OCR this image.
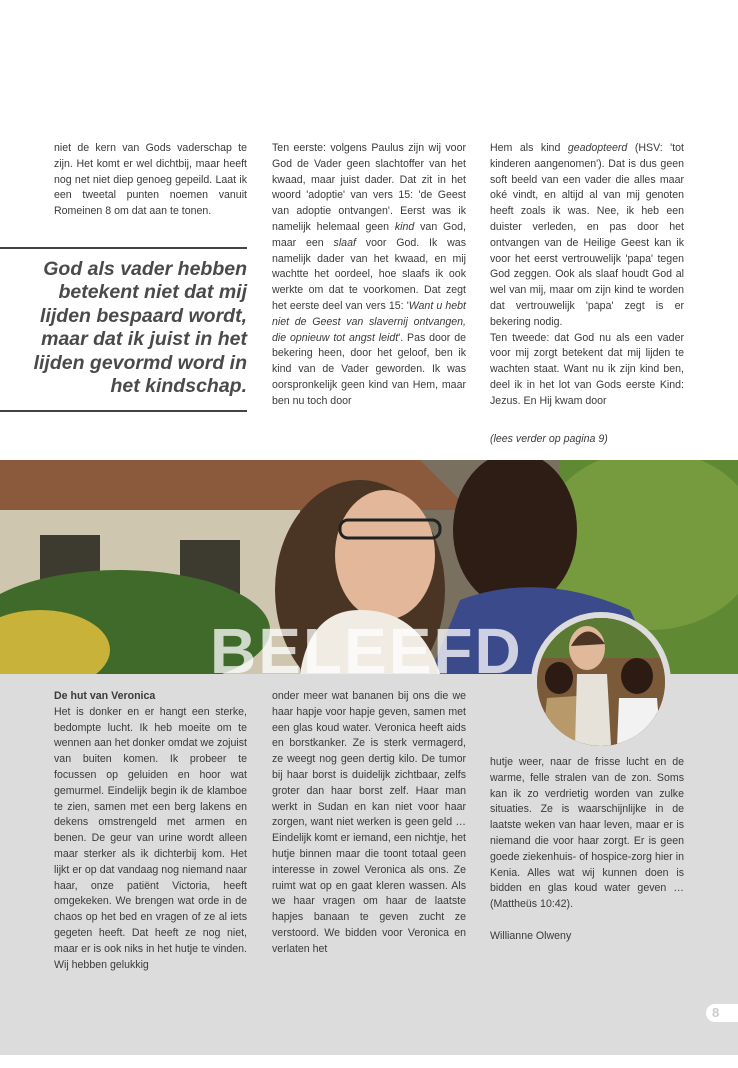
niet de kern van Gods vaderschap te zijn. Het komt er wel dichtbij, maar heeft nog net niet diep genoeg gepeild. Laat ik een tweetal punten noemen vanuit Romeinen 8 om dat aan te tonen.

God als vader hebben betekent niet dat mij lijden bespaard wordt, maar dat ik juist in het lijden gevormd word in het kindschap.

Ten eerste: volgens Paulus zijn wij voor God de Vader geen slachtoffer van het kwaad, maar juist dader. Dat zit in het woord 'adoptie' van vers 15: 'de Geest van adoptie ontvangen'. Eerst was ik namelijk helemaal geen kind van God, maar een slaaf voor God. Ik was namelijk dader van het kwaad, en mij wachtte het oordeel, hoe slaafs ik ook werkte om dat te voorkomen. Dat zegt het eerste deel van vers 15: 'Want u hebt niet de Geest van slavernij ontvangen, die opnieuw tot angst leidt'. Pas door de bekering heen, door het geloof, ben ik kind van de Vader geworden. Ik was oorspronkelijk geen kind van Hem, maar ben nu toch door

Hem als kind geadopteerd (HSV: 'tot kinderen aangenomen'). Dat is dus geen soft beeld van een vader die alles maar oké vindt, en altijd al van mij genoten heeft zoals ik was. Nee, ik heb een duister verleden, en pas door het ontvangen van de Heilige Geest kan ik voor het eerst vertrouwelijk 'papa' tegen God zeggen. Ook als slaaf houdt God al wel van mij, maar om zijn kind te worden dat vertrouwelijk 'papa' zegt is er bekering nodig.

Ten tweede: dat God nu als een vader voor mij zorgt betekent dat mij lijden te wachten staat. Want nu ik zijn kind ben, deel ik in het lot van Gods eerste Kind: Jezus. En Hij kwam door

(lees verder op pagina 9)
BELEEFD

De hut van Veronica

Het is donker en er hangt een sterke, bedompte lucht. Ik heb moeite om te wennen aan het donker omdat we zojuist van buiten komen. Ik probeer te focussen op geluiden en hoor wat gemurmel. Eindelijk begin ik de klamboe te zien, samen met een berg lakens en dekens omstrengeld met armen en benen. De geur van urine wordt alleen maar sterker als ik dichterbij kom. Het lijkt er op dat vandaag nog niemand naar haar, onze patiënt Victoria, heeft omgekeken. We brengen wat orde in de chaos op het bed en vragen of ze al iets gegeten heeft. Dat heeft ze nog niet, maar er is ook niks in het hutje te vinden. Wij hebben gelukkig

onder meer wat bananen bij ons die we haar hapje voor hapje geven, samen met een glas koud water. Veronica heeft aids en borstkanker. Ze is sterk vermagerd, ze weegt nog geen dertig kilo. De tumor bij haar borst is duidelijk zichtbaar, zelfs groter dan haar borst zelf. Haar man werkt in Sudan en kan niet voor haar zorgen, want niet werken is geen geld … Eindelijk komt er iemand, een nichtje, het hutje binnen maar die toont totaal geen interesse in zowel Veronica als ons. Ze ruimt wat op en gaat kleren wassen. Als we haar vragen om haar de laatste hapjes banaan te geven zucht ze verstoord. We bidden voor Veronica en verlaten het

hutje weer, naar de frisse lucht en de warme, felle stralen van de zon. Soms kan ik zo verdrietig worden van zulke situaties. Ze is waarschijnlijke in de laatste weken van haar leven, maar er is niemand die voor haar zorgt. Er is geen goede ziekenhuis- of hospice-zorg hier in Kenia. Alles wat wij kunnen doen is bidden en glas koud water geven … (Mattheüs 10:42).

Willianne Olweny

8
